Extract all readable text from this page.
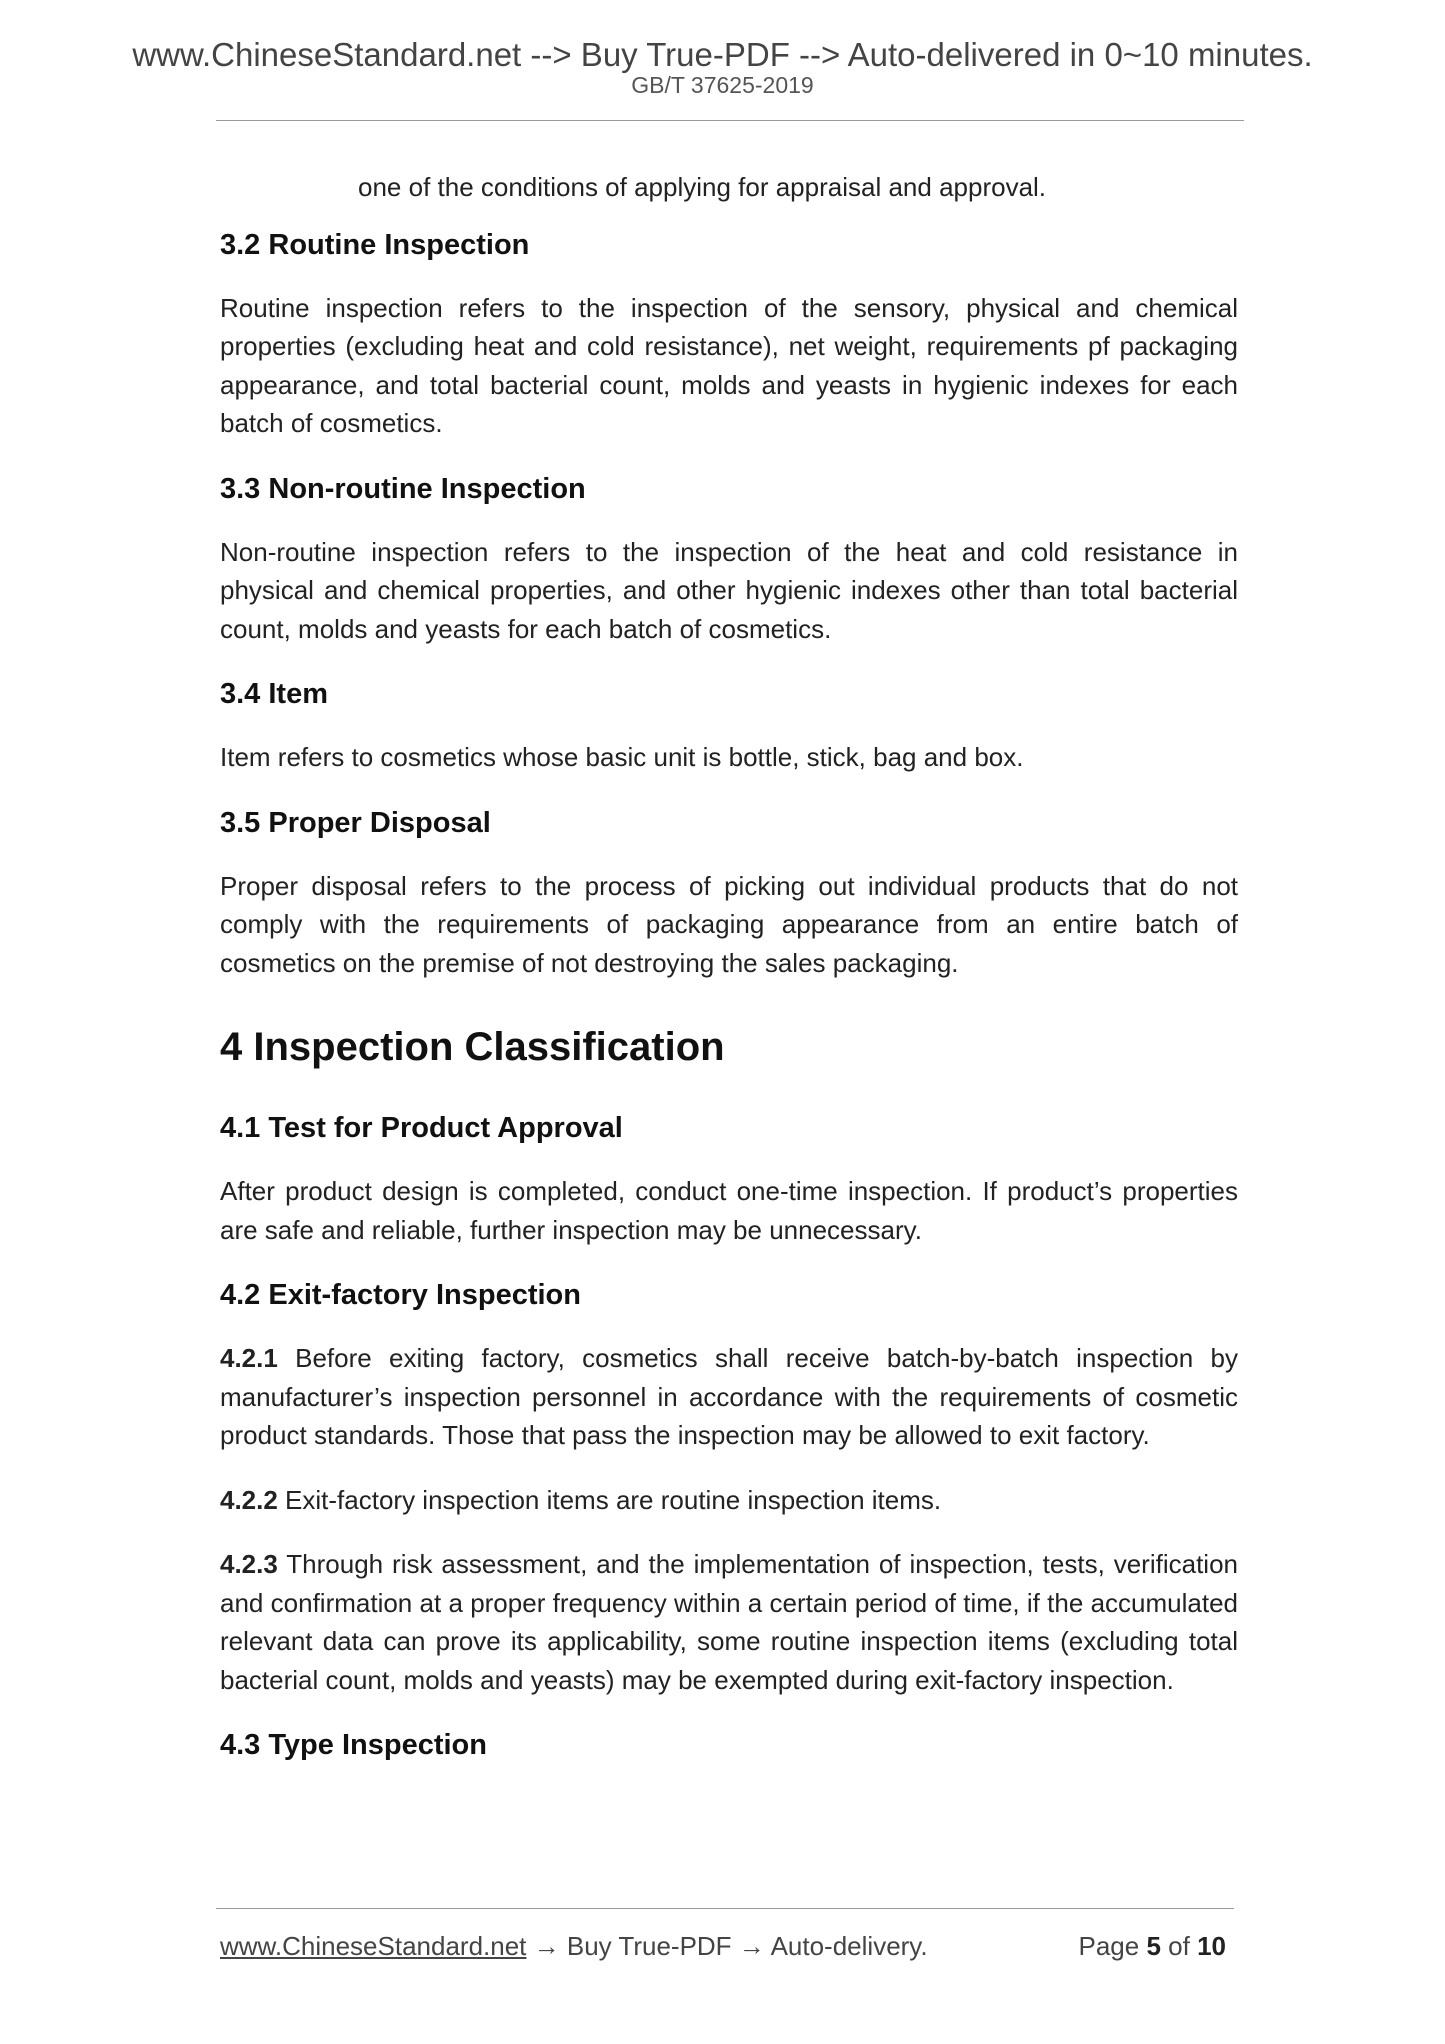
www.ChineseStandard.net --> Buy True-PDF --> Auto-delivered in 0~10 minutes.
GB/T 37625-2019

one of the conditions of applying for appraisal and approval.

3.2 Routine Inspection

Routine inspection refers to the inspection of the sensory, physical and chemical properties (excluding heat and cold resistance), net weight, requirements pf packaging appearance, and total bacterial count, molds and yeasts in hygienic indexes for each batch of cosmetics.

3.3 Non-routine Inspection

Non-routine inspection refers to the inspection of the heat and cold resistance in physical and chemical properties, and other hygienic indexes other than total bacterial count, molds and yeasts for each batch of cosmetics.

3.4 Item

Item refers to cosmetics whose basic unit is bottle, stick, bag and box.

3.5 Proper Disposal

Proper disposal refers to the process of picking out individual products that do not comply with the requirements of packaging appearance from an entire batch of cosmetics on the premise of not destroying the sales packaging.

4 Inspection Classification
4.1 Test for Product Approval

After product design is completed, conduct one-time inspection. If product’s properties are safe and reliable, further inspection may be unnecessary.

4.2 Exit-factory Inspection

4.2.1 Before exiting factory, cosmetics shall receive batch-by-batch inspection by manufacturer’s inspection personnel in accordance with the requirements of cosmetic product standards. Those that pass the inspection may be allowed to exit factory.

4.2.2 Exit-factory inspection items are routine inspection items.

4.2.3 Through risk assessment, and the implementation of inspection, tests, verification and confirmation at a proper frequency within a certain period of time, if the accumulated relevant data can prove its applicability, some routine inspection items (excluding total bacterial count, molds and yeasts) may be exempted during exit-factory inspection.

4.3 Type Inspection
www.ChineseStandard.net → Buy True-PDF → Auto-delivery.	Page 5 of 10
